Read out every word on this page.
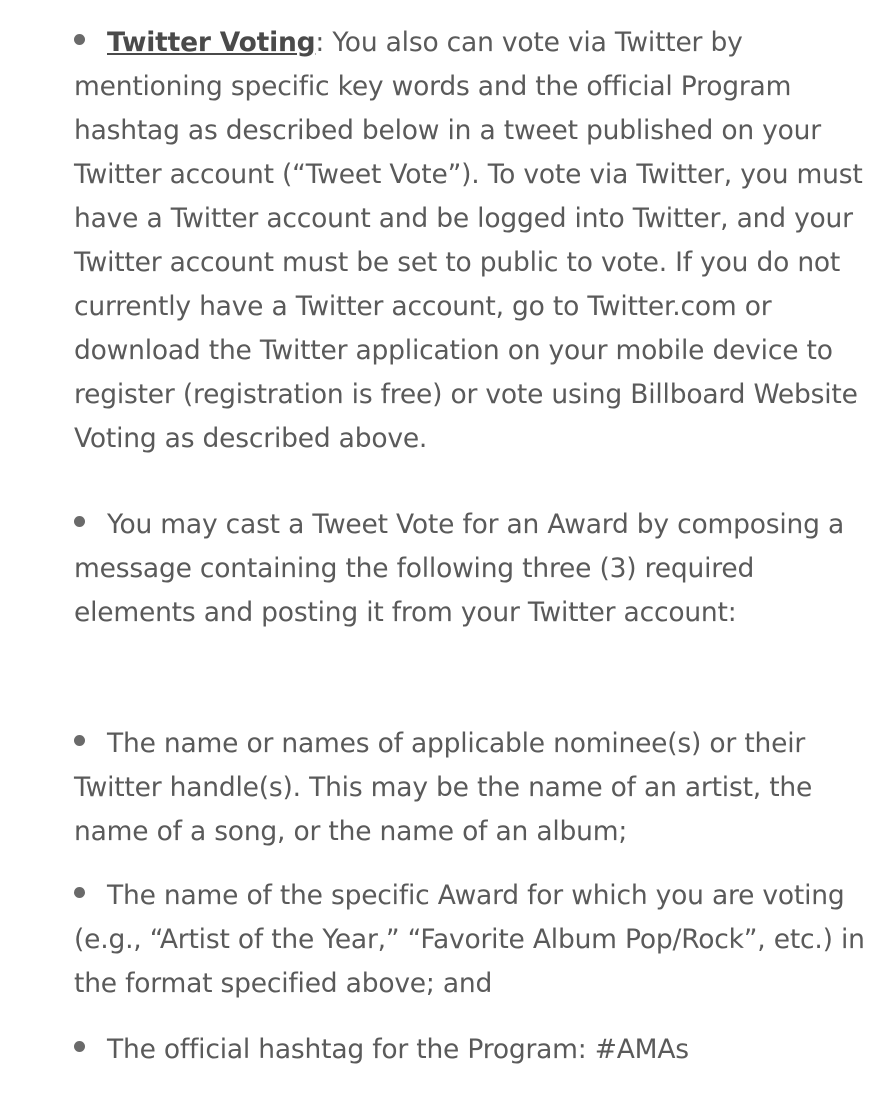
Twitter Voting: You also can vote via Twitter by mentioning specific key words and the official Program hashtag as described below in a tweet published on your Twitter account (“Tweet Vote”). To vote via Twitter, you must have a Twitter account and be logged into Twitter, and your Twitter account must be set to public to vote. If you do not currently have a Twitter account, go to Twitter.com or download the Twitter application on your mobile device to register (registration is free) or vote using Billboard Website Voting as described above.

You may cast a Tweet Vote for an Award by composing a message containing the following three (3) required elements and posting it from your Twitter account:

The name or names of applicable nominee(s) or their Twitter handle(s). This may be the name of an artist, the name of a song, or the name of an album;

The name of the specific Award for which you are voting (e.g., “Artist of the Year,” “Favorite Album Pop/Rock”, etc.) in the format specified above; and

The official hashtag for the Program: #AMAs
